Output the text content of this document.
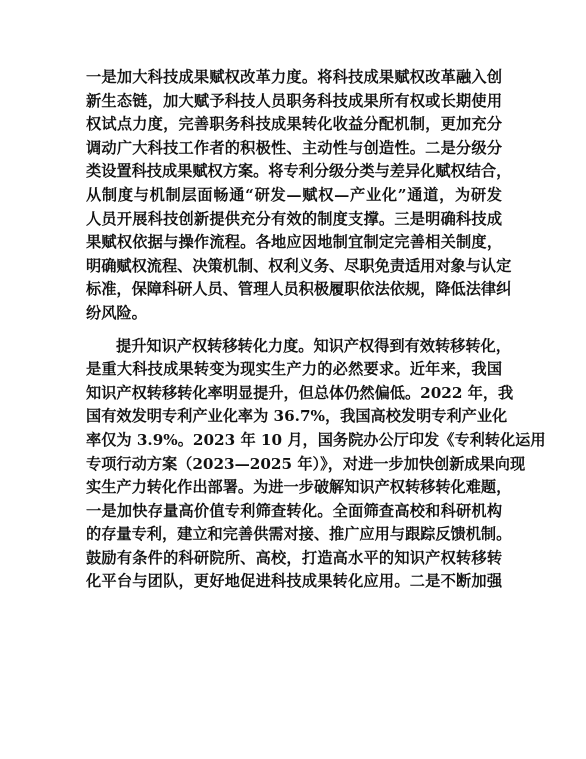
一是加大科技成果赋权改革力度。将科技成果赋权改革融入创
新生态链，加大赋予科技人员职务科技成果所有权或长期使用
权试点力度，完善职务科技成果转化收益分配机制，更加充分
调动广大科技工作者的积极性、主动性与创造性。二是分级分
类设置科技成果赋权方案。将专利分级分类与差异化赋权结合，
从制度与机制层面畅通“研发—赋权—产业化”通道，为研发
人员开展科技创新提供充分有效的制度支撑。三是明确科技成
果赋权依据与操作流程。各地应因地制宜制定完善相关制度，
明确赋权流程、决策机制、权利义务、尽职免责适用对象与认定
标准，保障科研人员、管理人员积极履职依法依规，降低法律纠
纷风险。
提升知识产权转移转化力度。知识产权得到有效转移转化，
是重大科技成果转变为现实生产力的必然要求。近年来，我国
知识产权转移转化率明显提升，但总体仍然偏低。2022 年，我
国有效发明专利产业化率为 36.7%，我国高校发明专利产业化
率仅为 3.9%。2023 年 10 月，国务院办公厅印发《专利转化运用
专项行动方案（2023—2025 年）》，对进一步加快创新成果向现
实生产力转化作出部署。为进一步破解知识产权转移转化难题，
一是加快存量高价值专利筛查转化。全面筛查高校和科研机构
的存量专利，建立和完善供需对接、推广应用与跟踪反馈机制。
鼓励有条件的科研院所、高校，打造高水平的知识产权转移转
化平台与团队，更好地促进科技成果转化应用。二是不断加强
